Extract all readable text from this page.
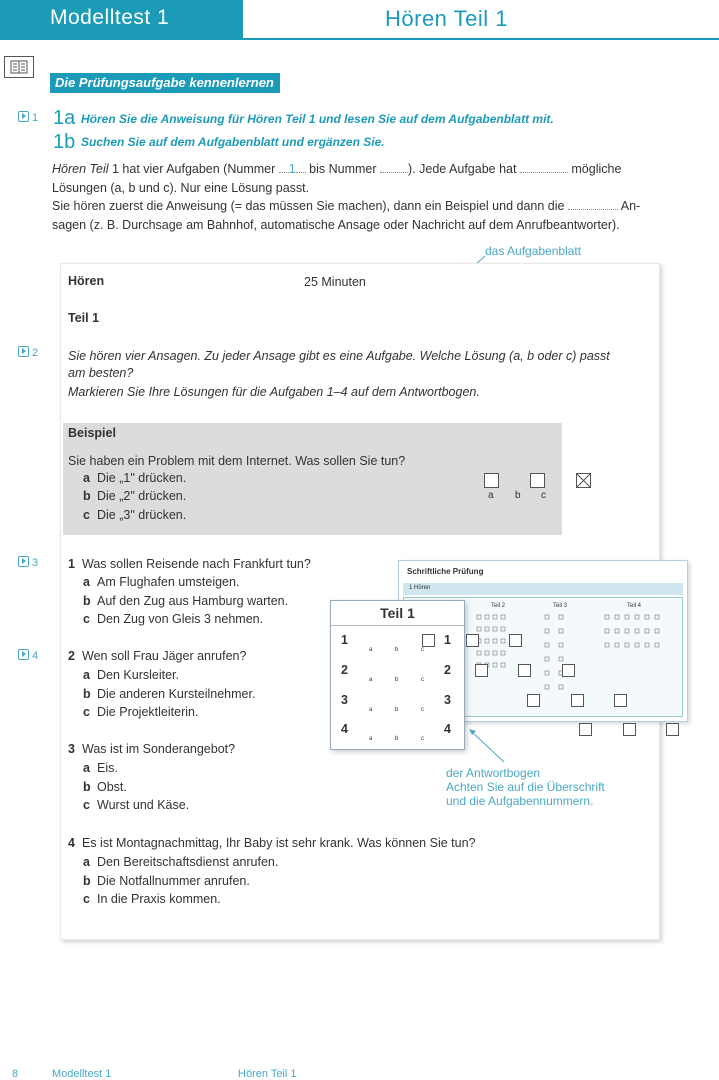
Modelltest 1	Hören Teil 1
Die Prüfungsaufgabe kennenlernen
1 1a Hören Sie die Anweisung für Hören Teil 1 und lesen Sie auf dem Aufgabenblatt mit.
1b Suchen Sie auf dem Aufgabenblatt und ergänzen Sie.
Hören Teil 1 hat vier Aufgaben (Nummer 1 bis Nummer ). Jede Aufgabe hat	mögliche
Lösungen (a, b und c). Nur eine Lösung passt.
Sie hören zuerst die Anweisung (= das müssen Sie machen), dann ein Beispiel und dann die	An-
sagen (z. B. Durchsage am Bahnhof, automatische Ansage oder Nachricht auf dem Anrufbeantworter).
das Aufgabenblatt
Hören	25 Minuten
Teil 1
2 Sie hören vier Ansagen. Zu jeder Ansage gibt es eine Aufgabe. Welche Lösung (a, b oder c) passt
am besten?
Markieren Sie Ihre Lösungen für die Aufgaben 1–4 auf dem Antwortbogen.
Beispiel
Sie haben ein Problem mit dem Internet. Was sollen Sie tun?
a Die „1" drücken.
b Die „2" drücken.
c Die „3" drücken.

a b c
3 1 Was sollen Reisende nach Frankfurt tun?
a Am Flughafen umsteigen.
b Auf den Zug aus Hamburg warten.
c Den Zug von Gleis 3 nehmen.
4 2 Wen soll Frau Jäger anrufen?
a Den Kursleiter.
b Die anderen Kursteilnehmer.
c Die Projektleiterin.
3 Was ist im Sonderangebot?
a Eis.
b Obst.
c Wurst und Käse.
4 Es ist Montagnachmittag, Ihr Baby ist sehr krank. Was können Sie tun?
a Den Bereitschaftsdienst anrufen.
b Die Notfallnummer anrufen.
c In die Praxis kommen.
Schriftliche Prüfung
1 Hören
Teil 2	Teil 3	Teil 4
Teil 1
1	1

a	b	c
2	2

a	b	c
3	3

a	b	c
4	4

a	b	c
der Antwortbogen
Achten Sie auf die Überschrift
und die Aufgabennummern.
8	Modelltest 1	Hören Teil 1
